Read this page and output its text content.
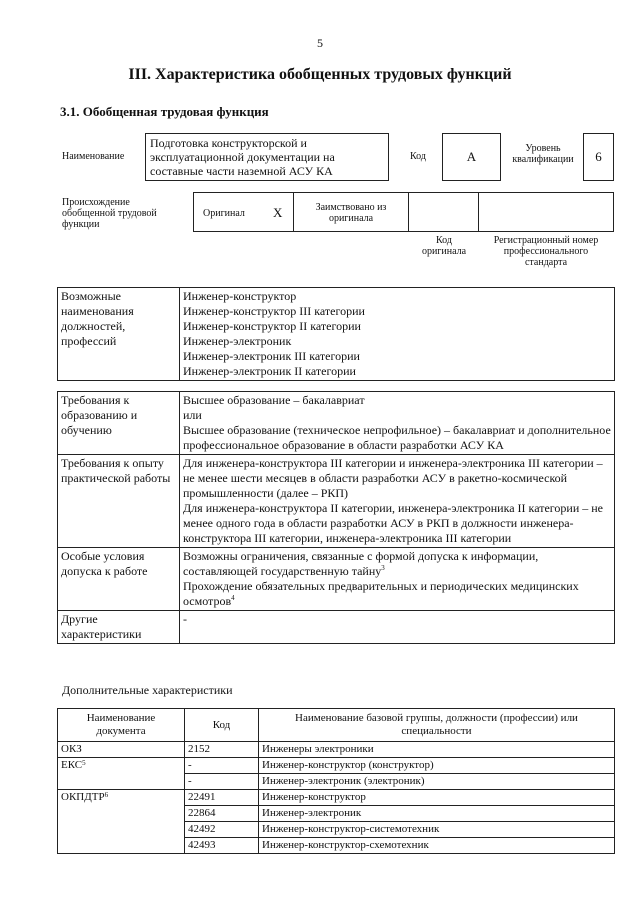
5
III. Характеристика обобщенных трудовых функций
3.1. Обобщенная трудовая функция
Наименование
Подготовка конструкторской и эксплуатационной документации на составные части наземной АСУ КА
Код	A
Уровень квалификации	6
Происхождение обобщенной трудовой функции
Оригинал X	Заимствовано из оригинала
Код оригинала
Регистрационный номер профессионального стандарта
Возможные наименования должностей, профессий	
Инженер-конструктор
Инженер-конструктор III категории
Инженер-конструктор II категории
Инженер-электроник
Инженер-электроник III категории
Инженер-электроник II категории
Требования к образованию и обучению	Высшее образование – бакалавриат
или
Высшее образование (техническое непрофильное) – бакалавриат и дополнительное профессиональное образование в области разработки АСУ КА

Требования к опыту практической работы	Для инженера-конструктора III категории и инженера-электроника III категории – не менее шести месяцев в области разработки АСУ в ракетно-космической промышленности (далее – РКП)
Для инженера-конструктора II категории, инженера-электроника II категории – не менее одного года в области разработки АСУ в РКП в должности инженера-конструктора III категории, инженера-электроника III категории

Особые условия допуска к работе	Возможны ограничения, связанные с формой допуска к информации, составляющей государственную тайну$^3$
Прохождение обязательных предварительных и периодических медицинских осмотров$^4$

Другие характеристики	-
Дополнительные характеристики
Наименование документа	Код	Наименование базовой группы, должности (профессии) или специальности
ОКЗ	2152	Инженеры электроники
ЕКС$^5$	-	Инженер-конструктор (конструктор)
	-	Инженер-электроник (электроник)
ОКПДТР$^6$	22491	Инженер-конструктор
	22864	Инженер-электроник
	42492	Инженер-конструктор-системотехник
	42493	Инженер-конструктор-схемотехник
